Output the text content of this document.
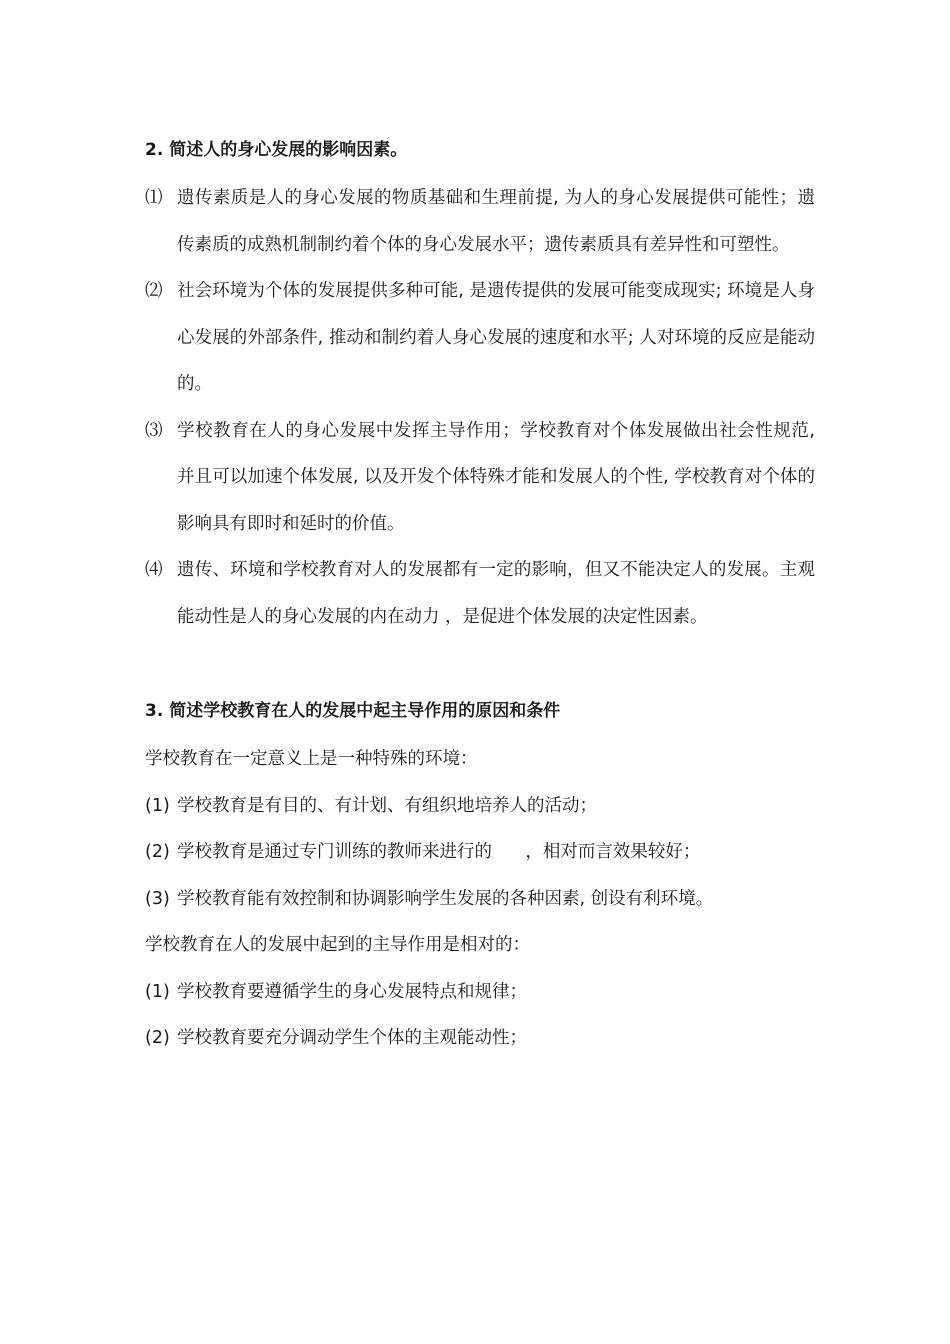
2. 简述人的身心发展的影响因素。
⑴ 遗传素质是人的身心发展的物质基础和生理前提, 为人的身心发展提供可能性；遗传素质的成熟机制制约着个体的身心发展水平；遗传素质具有差异性和可塑性。
⑵ 社会环境为个体的发展提供多种可能, 是遗传提供的发展可能变成现实; 环境是人身心发展的外部条件, 推动和制约着人身心发展的速度和水平; 人对环境的反应是能动的。
⑶ 学校教育在人的身心发展中发挥主导作用；学校教育对个体发展做出社会性规范, 并且可以加速个体发展, 以及开发个体特殊才能和发展人的个性, 学校教育对个体的影响具有即时和延时的价值。
⑷ 遗传、环境和学校教育对人的发展都有一定的影响，但又不能决定人的发展。主观能动性是人的身心发展的内在动力 ，是促进个体发展的决定性因素。
3. 简述学校教育在人的发展中起主导作用的原因和条件
学校教育在一定意义上是一种特殊的环境：
(1) 学校教育是有目的、有计划、有组织地培养人的活动；
(2) 学校教育是通过专门训练的教师来进行的      ，相对而言效果较好；
(3) 学校教育能有效控制和协调影响学生发展的各种因素, 创设有利环境。
学校教育在人的发展中起到的主导作用是相对的：
(1) 学校教育要遵循学生的身心发展特点和规律；
(2) 学校教育要充分调动学生个体的主观能动性；
